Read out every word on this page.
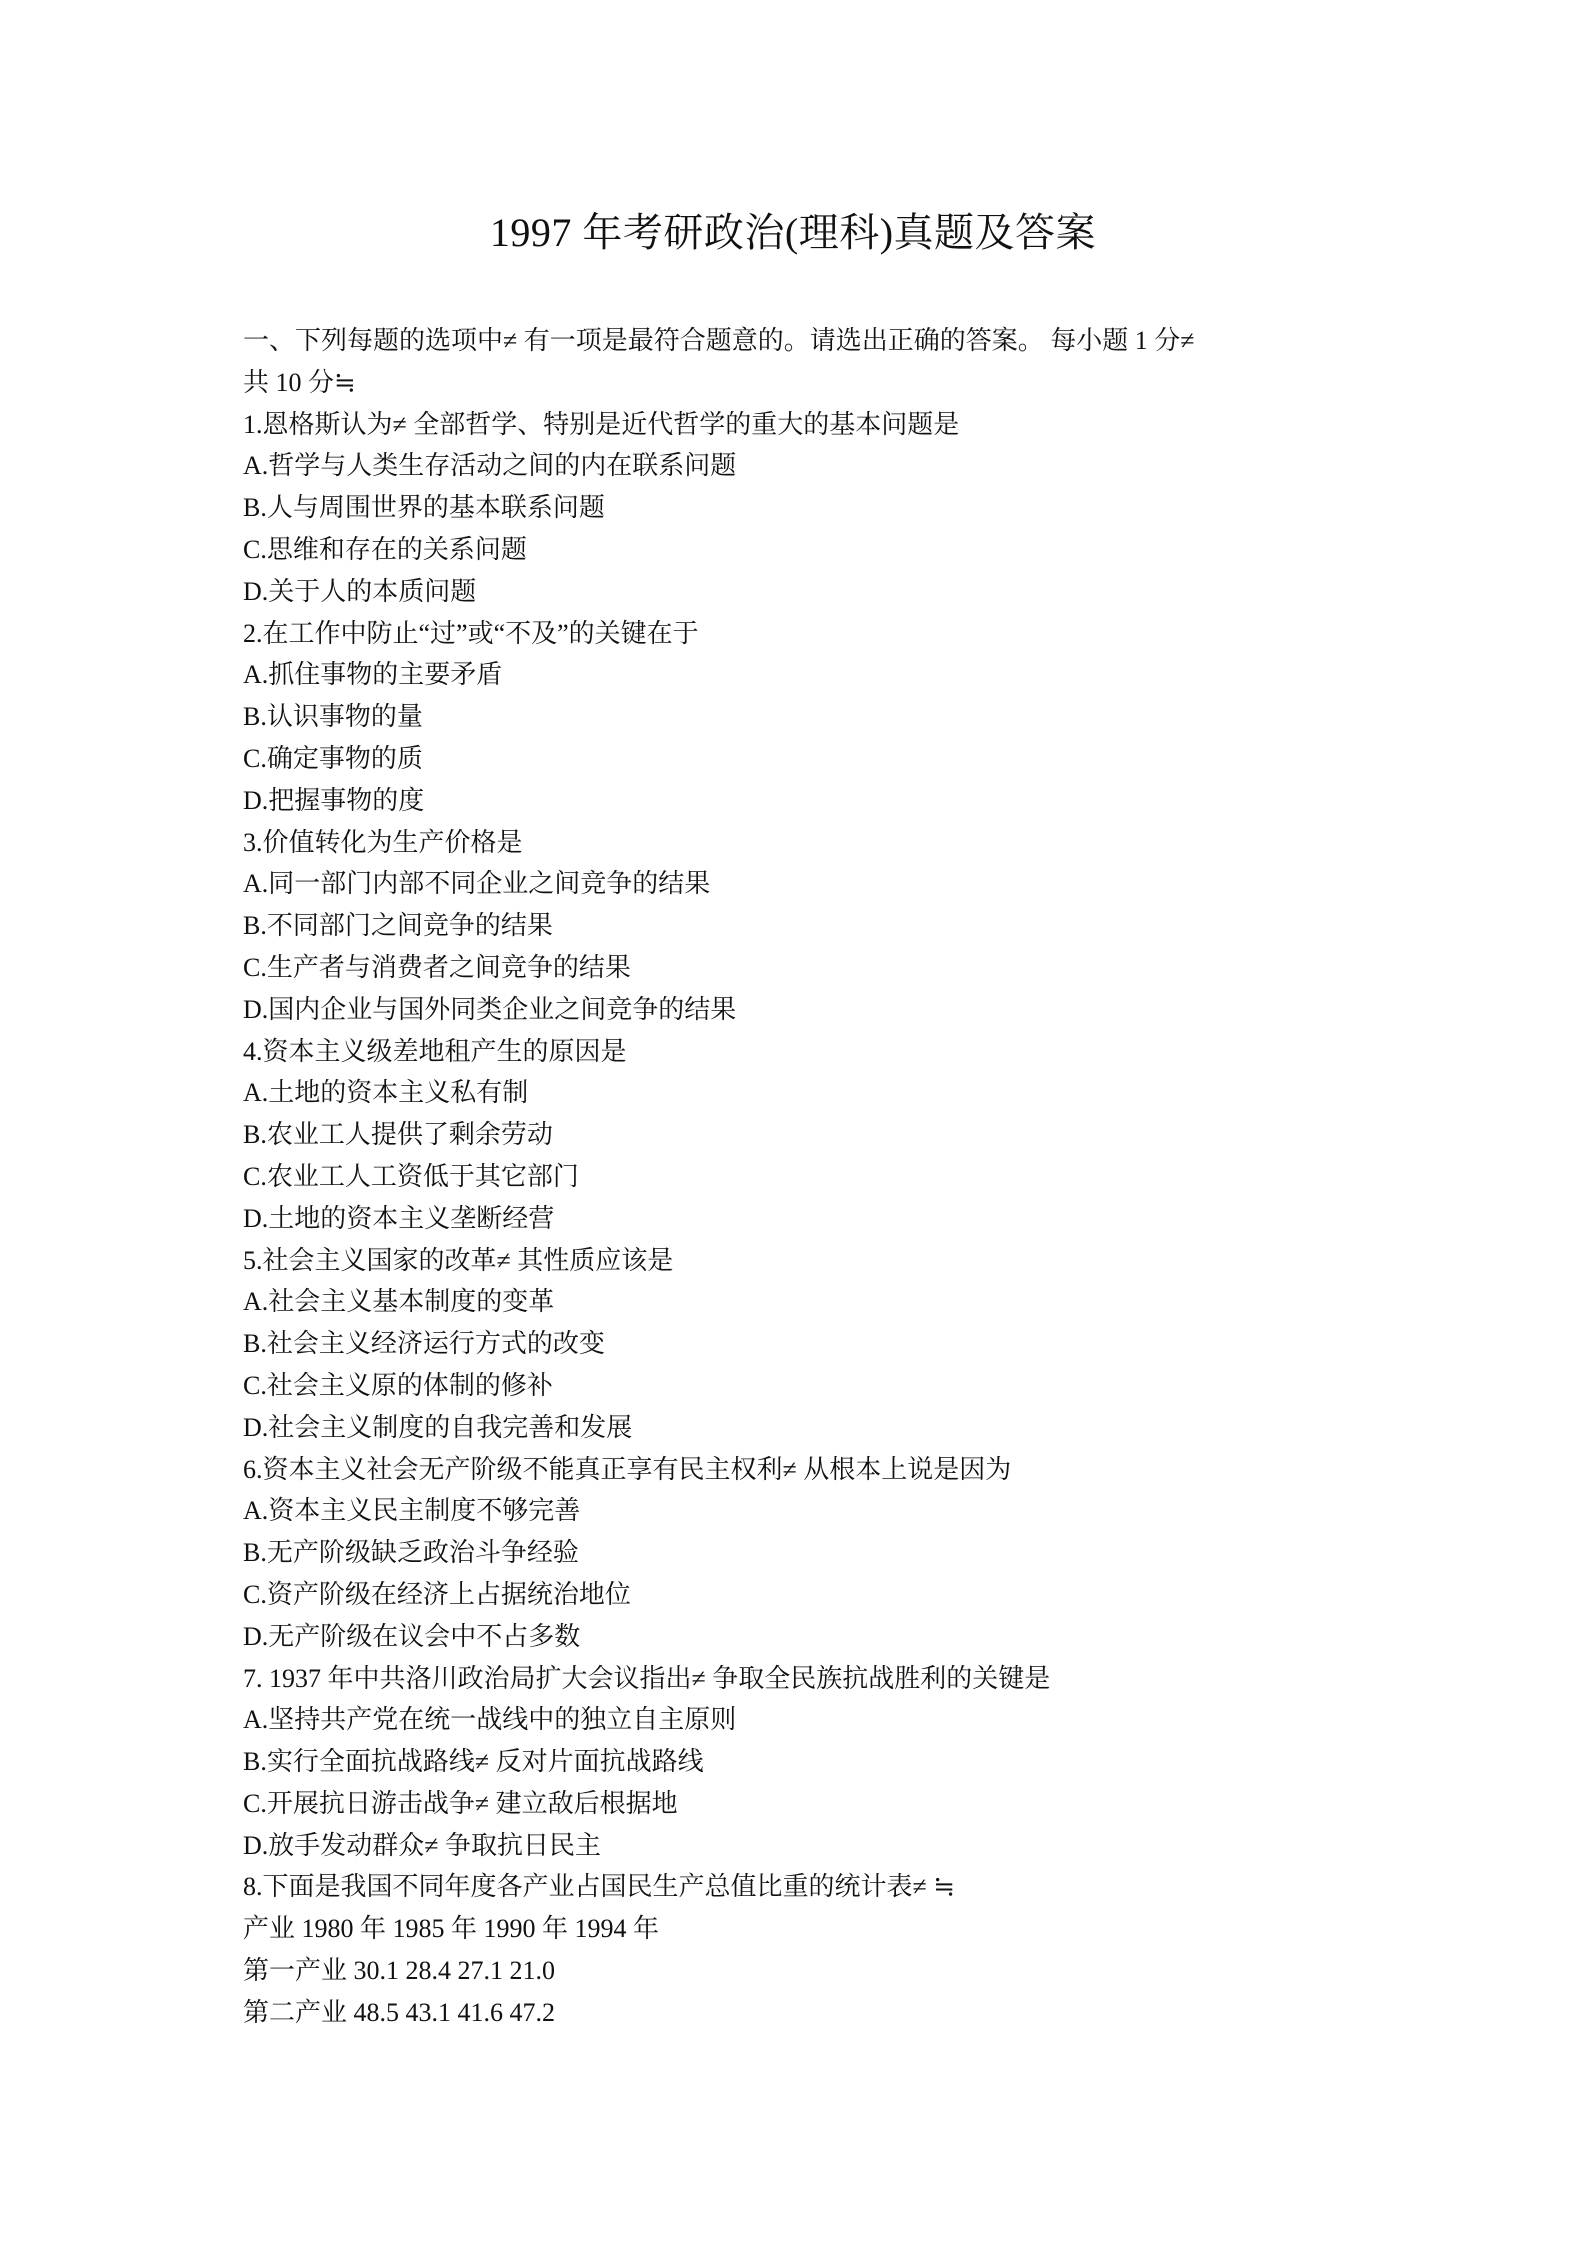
1997 年考研政治(理科)真题及答案
一、下列每题的选项中≠ 有一项是最符合题意的。请选出正确的答案。 每小题 1 分≠
共 10 分≒
1.恩格斯认为≠ 全部哲学、特别是近代哲学的重大的基本问题是
A.哲学与人类生存活动之间的内在联系问题
B.人与周围世界的基本联系问题
C.思维和存在的关系问题
D.关于人的本质问题
2.在工作中防止“过”或“不及”的关键在于
A.抓住事物的主要矛盾
B.认识事物的量
C.确定事物的质
D.把握事物的度
3.价值转化为生产价格是
A.同一部门内部不同企业之间竞争的结果
B.不同部门之间竞争的结果
C.生产者与消费者之间竞争的结果
D.国内企业与国外同类企业之间竞争的结果
4.资本主义级差地租产生的原因是
A.土地的资本主义私有制
B.农业工人提供了剩余劳动
C.农业工人工资低于其它部门
D.土地的资本主义垄断经营
5.社会主义国家的改革≠ 其性质应该是
A.社会主义基本制度的变革
B.社会主义经济运行方式的改变
C.社会主义原的体制的修补
D.社会主义制度的自我完善和发展
6.资本主义社会无产阶级不能真正享有民主权利≠ 从根本上说是因为
A.资本主义民主制度不够完善
B.无产阶级缺乏政治斗争经验
C.资产阶级在经济上占据统治地位
D.无产阶级在议会中不占多数
7. 1937 年中共洛川政治局扩大会议指出≠ 争取全民族抗战胜利的关键是
A.坚持共产党在统一战线中的独立自主原则
B.实行全面抗战路线≠ 反对片面抗战路线
C.开展抗日游击战争≠ 建立敌后根据地
D.放手发动群众≠ 争取抗日民主
8.下面是我国不同年度各产业占国民生产总值比重的统计表≠ ≒
产业 1980 年 1985 年 1990 年 1994 年
第一产业 30.1 28.4 27.1 21.0
第二产业 48.5 43.1 41.6 47.2
